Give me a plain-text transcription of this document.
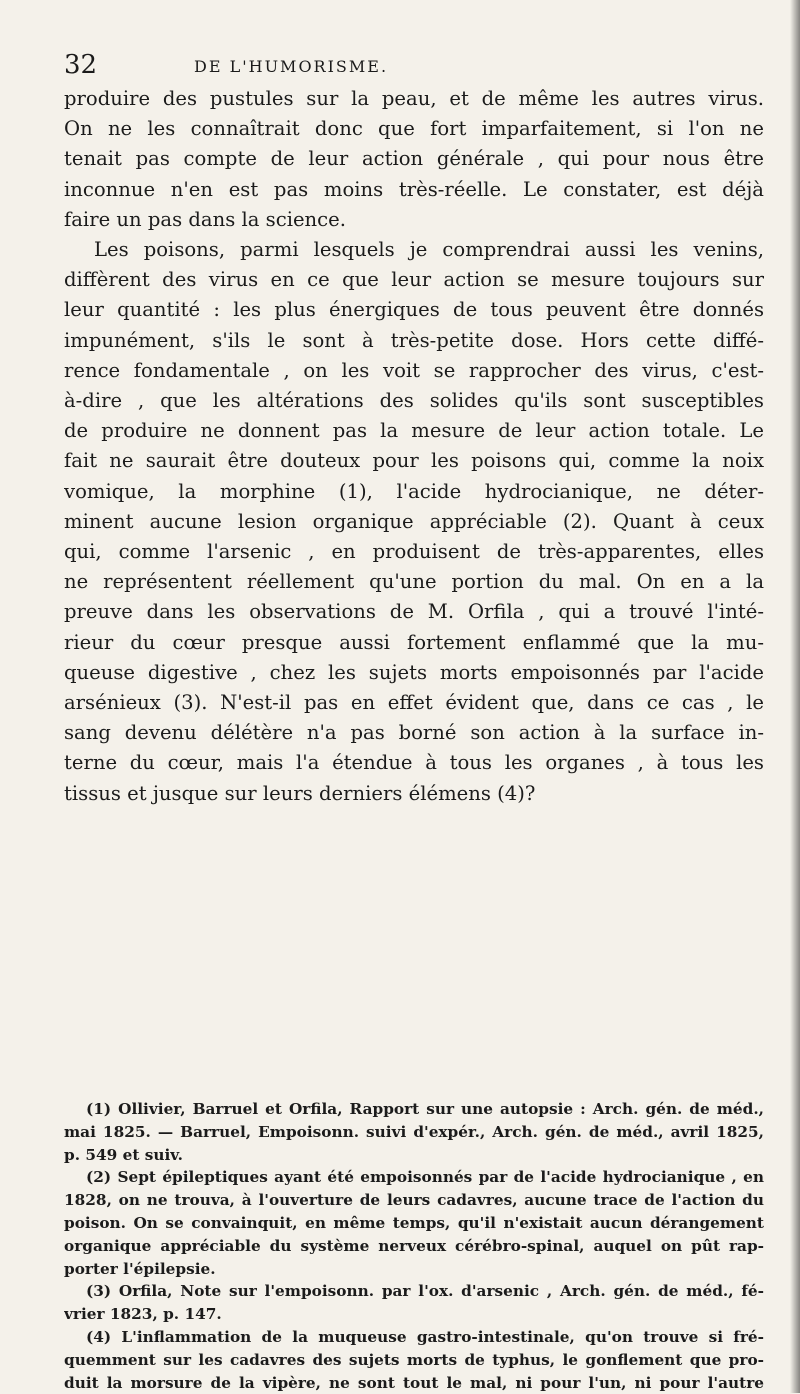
32	DE L'HUMORISME.
produire des pustules sur la peau, et de même les autres virus.
On ne les connaîtrait donc que fort imparfaitement, si l'on ne
tenait pas compte de leur action générale , qui pour nous être
inconnue n'en est pas moins très-réelle. Le constater, est déjà
faire un pas dans la science.
Les poisons, parmi lesquels je comprendrai aussi les venins,
diffèrent des virus en ce que leur action se mesure toujours sur
leur quantité : les plus énergiques de tous peuvent être donnés
impunément, s'ils le sont à très-petite dose. Hors cette diffé-
rence fondamentale , on les voit se rapprocher des virus, c'est-
à-dire , que les altérations des solides qu'ils sont susceptibles
de produire ne donnent pas la mesure de leur action totale. Le
fait ne saurait être douteux pour les poisons qui, comme la noix
vomique, la morphine (1), l'acide hydrocianique, ne déter-
minent aucune lesion organique appréciable (2). Quant à ceux
qui, comme l'arsenic , en produisent de très-apparentes, elles
ne représentent réellement qu'une portion du mal. On en a la
preuve dans les observations de M. Orfila , qui a trouvé l'inté-
rieur du cœur presque aussi fortement enflammé que la mu-
queuse digestive , chez les sujets morts empoisonnés par l'acide
arsénieux (3). N'est-il pas en effet évident que, dans ce cas , le
sang devenu délétère n'a pas borné son action à la surface in-
terne du cœur, mais l'a étendue à tous les organes , à tous les
tissus et jusque sur leurs derniers élémens (4)?
(1) Ollivier, Barruel et Orfila, Rapport sur une autopsie : Arch. gén. de méd.,
mai 1825. — Barruel, Empoisonn. suivi d'expér., Arch. gén. de méd., avril 1825,
p. 549 et suiv.
(2) Sept épileptiques ayant été empoisonnés par de l'acide hydrocianique , en
1828, on ne trouva, à l'ouverture de leurs cadavres, aucune trace de l'action du
poison. On se convainquit, en même temps, qu'il n'existait aucun dérangement
organique appréciable du système nerveux cérébro-spinal, auquel on pût rap-
porter l'épilepsie.
(3) Orfila, Note sur l'empoisonn. par l'ox. d'arsenic , Arch. gén. de méd., fé-
vrier 1823, p. 147.
(4) L'inflammation de la muqueuse gastro-intestinale, qu'on trouve si fré-
quemment sur les cadavres des sujets morts de typhus, le gonflement que pro-
duit la morsure de la vipère, ne sont tout le mal, ni pour l'un, ni pour l'autre
